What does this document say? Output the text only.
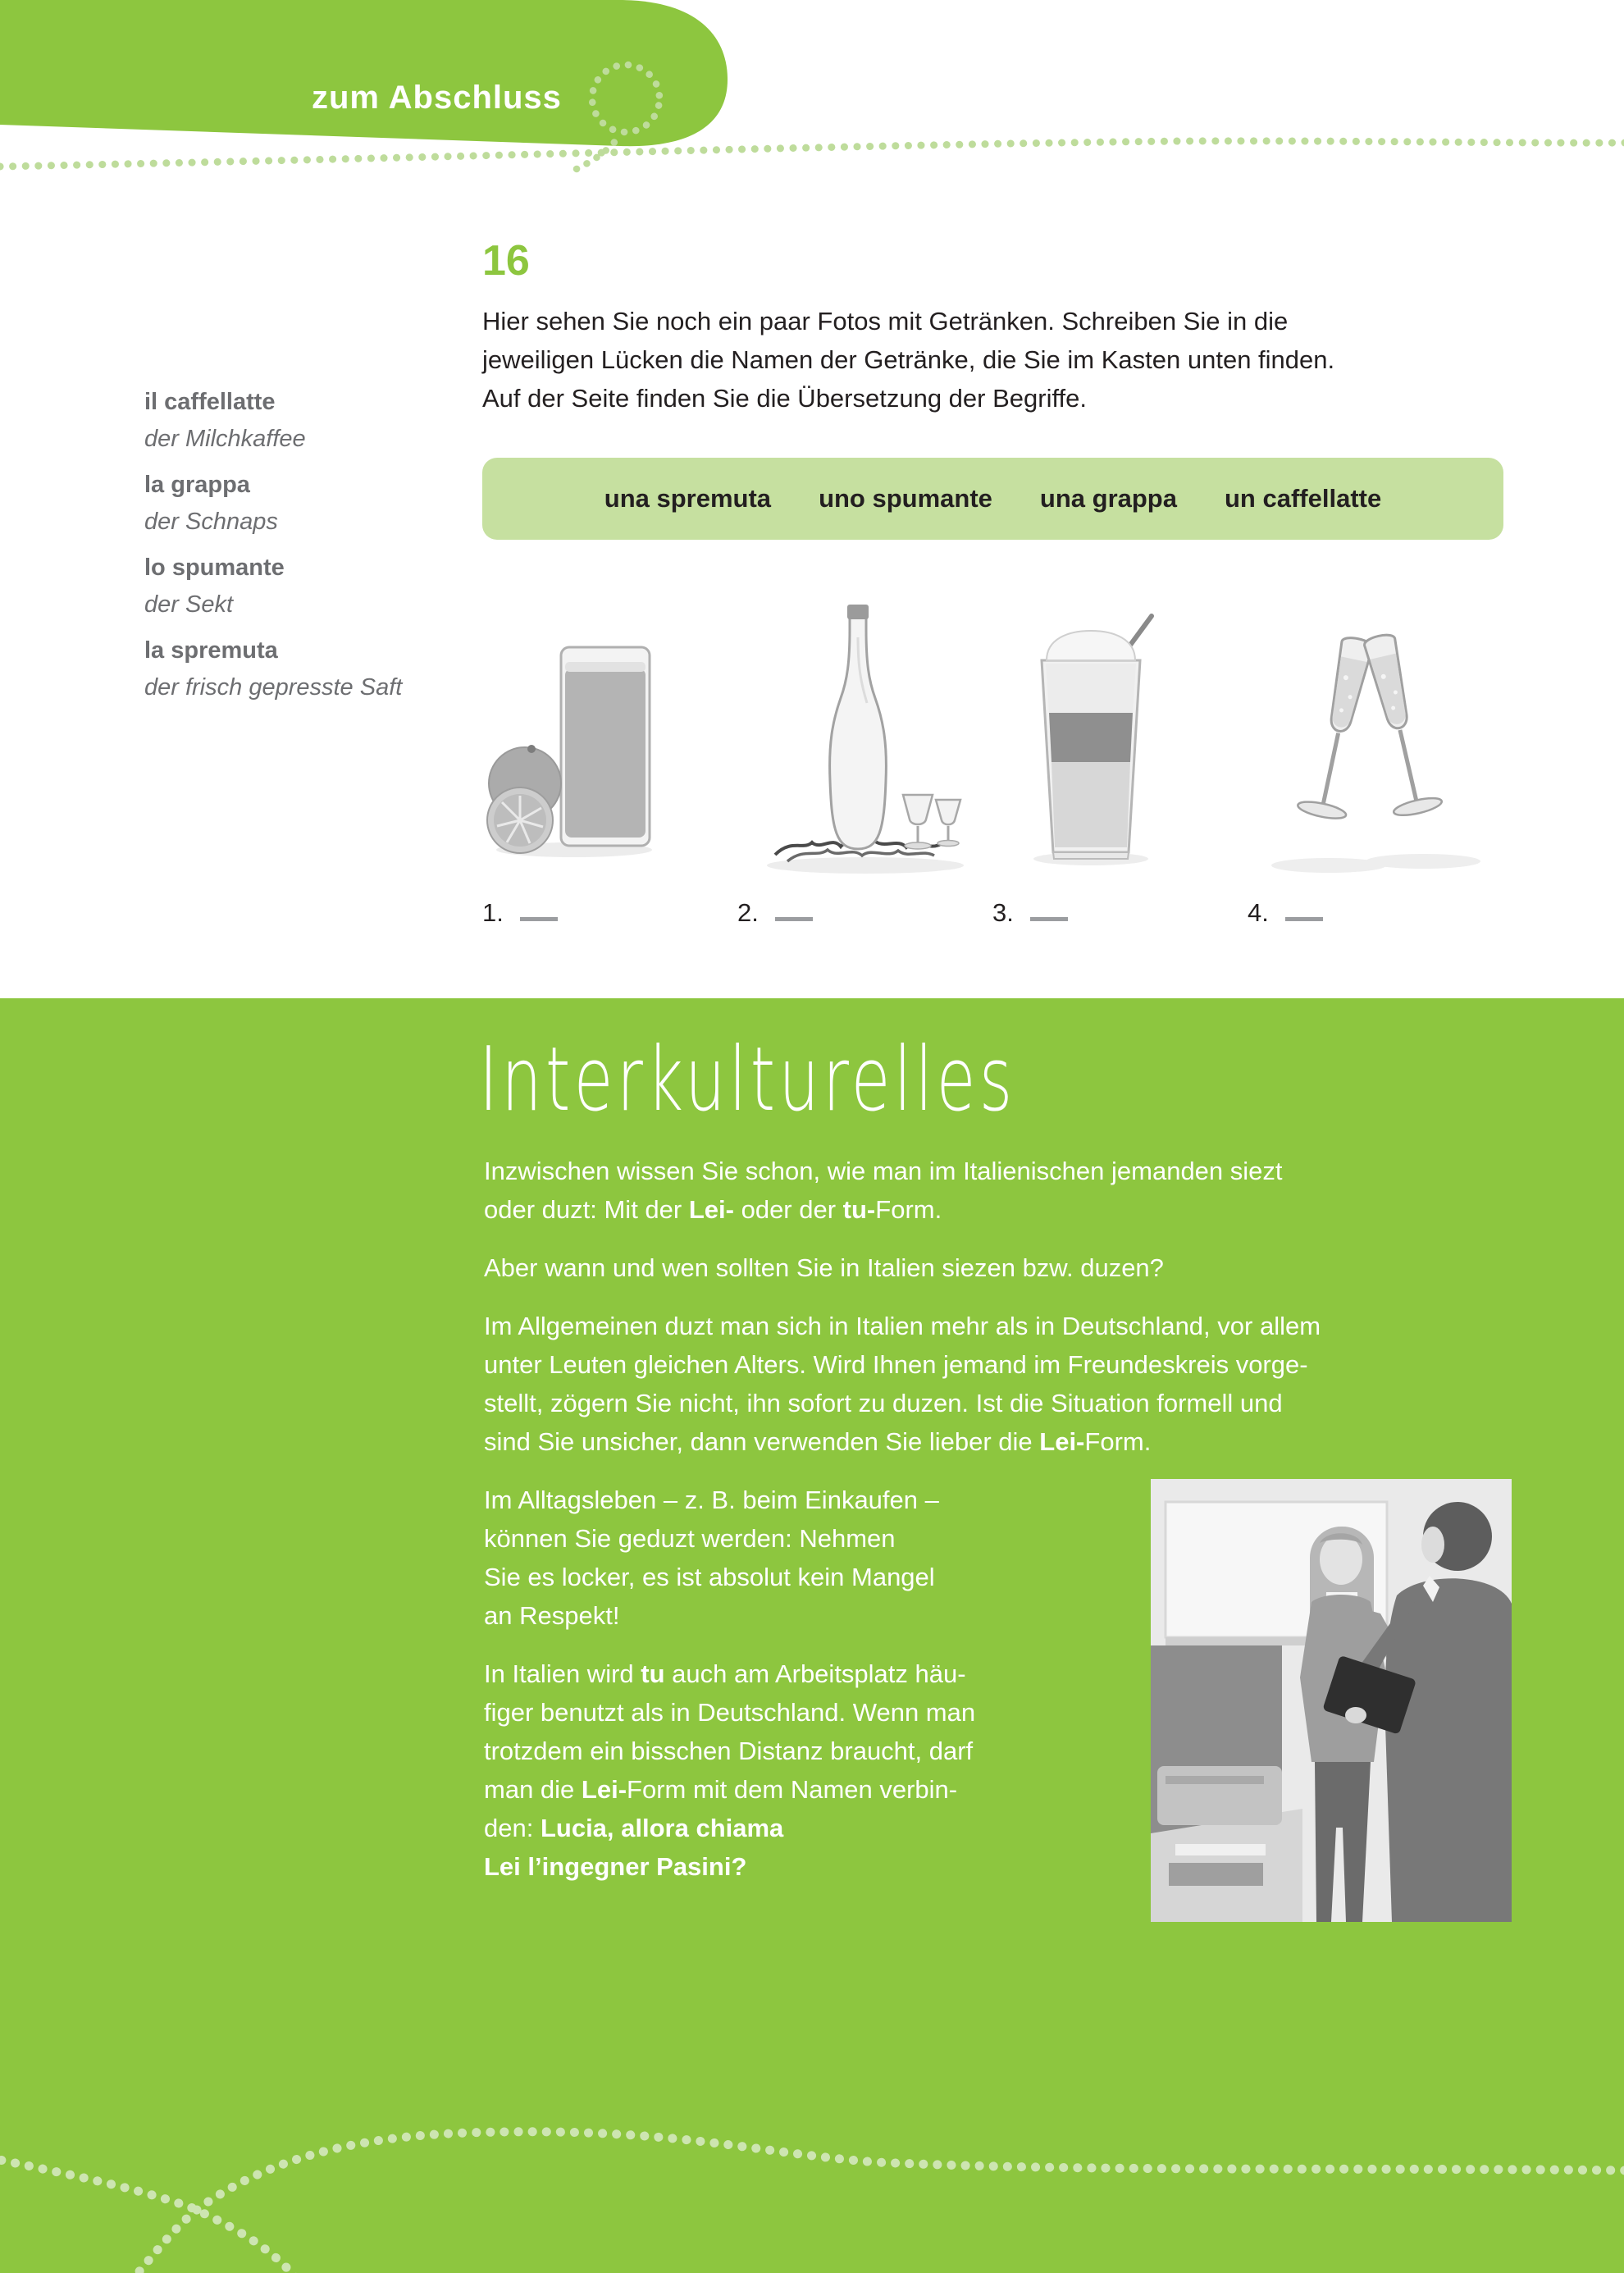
zum Abschluss
16
Hier sehen Sie noch ein paar Fotos mit Getränken. Schreiben Sie in die
jeweiligen Lücken die Namen der Getränke, die Sie im Kasten unten finden.
Auf der Seite finden Sie die Übersetzung der Begriffe.
il caffellatte
der Milchkaffee
la grappa
der Schnaps
lo spumante
der Sekt
la spremuta
der frisch gepresste Saft
una spremuta uno spumante una grappa un caffellatte
1.	2.	3.	4.
Interkulturelles

Inzwischen wissen Sie schon, wie man im Italienischen jemanden siezt
oder duzt: Mit der Lei- oder der tu-Form.

Aber wann und wen sollten Sie in Italien siezen bzw. duzen?

Im Allgemeinen duzt man sich in Italien mehr als in Deutschland, vor allem
unter Leuten gleichen Alters. Wird Ihnen jemand im Freundeskreis vorge-
stellt, zögern Sie nicht, ihn sofort zu duzen. Ist die Situation formell und
sind Sie unsicher, dann verwenden Sie lieber die Lei-Form.

Im Alltagsleben – z. B. beim Einkaufen –
können Sie geduzt werden: Nehmen
Sie es locker, es ist absolut kein Mangel
an Respekt!

In Italien wird tu auch am Arbeitsplatz häu-
figer benutzt als in Deutschland. Wenn man
trotzdem ein bisschen Distanz braucht, darf
man die Lei-Form mit dem Namen verbin-
den: Lucia, allora chiama
Lei l’ingegner Pasini?
